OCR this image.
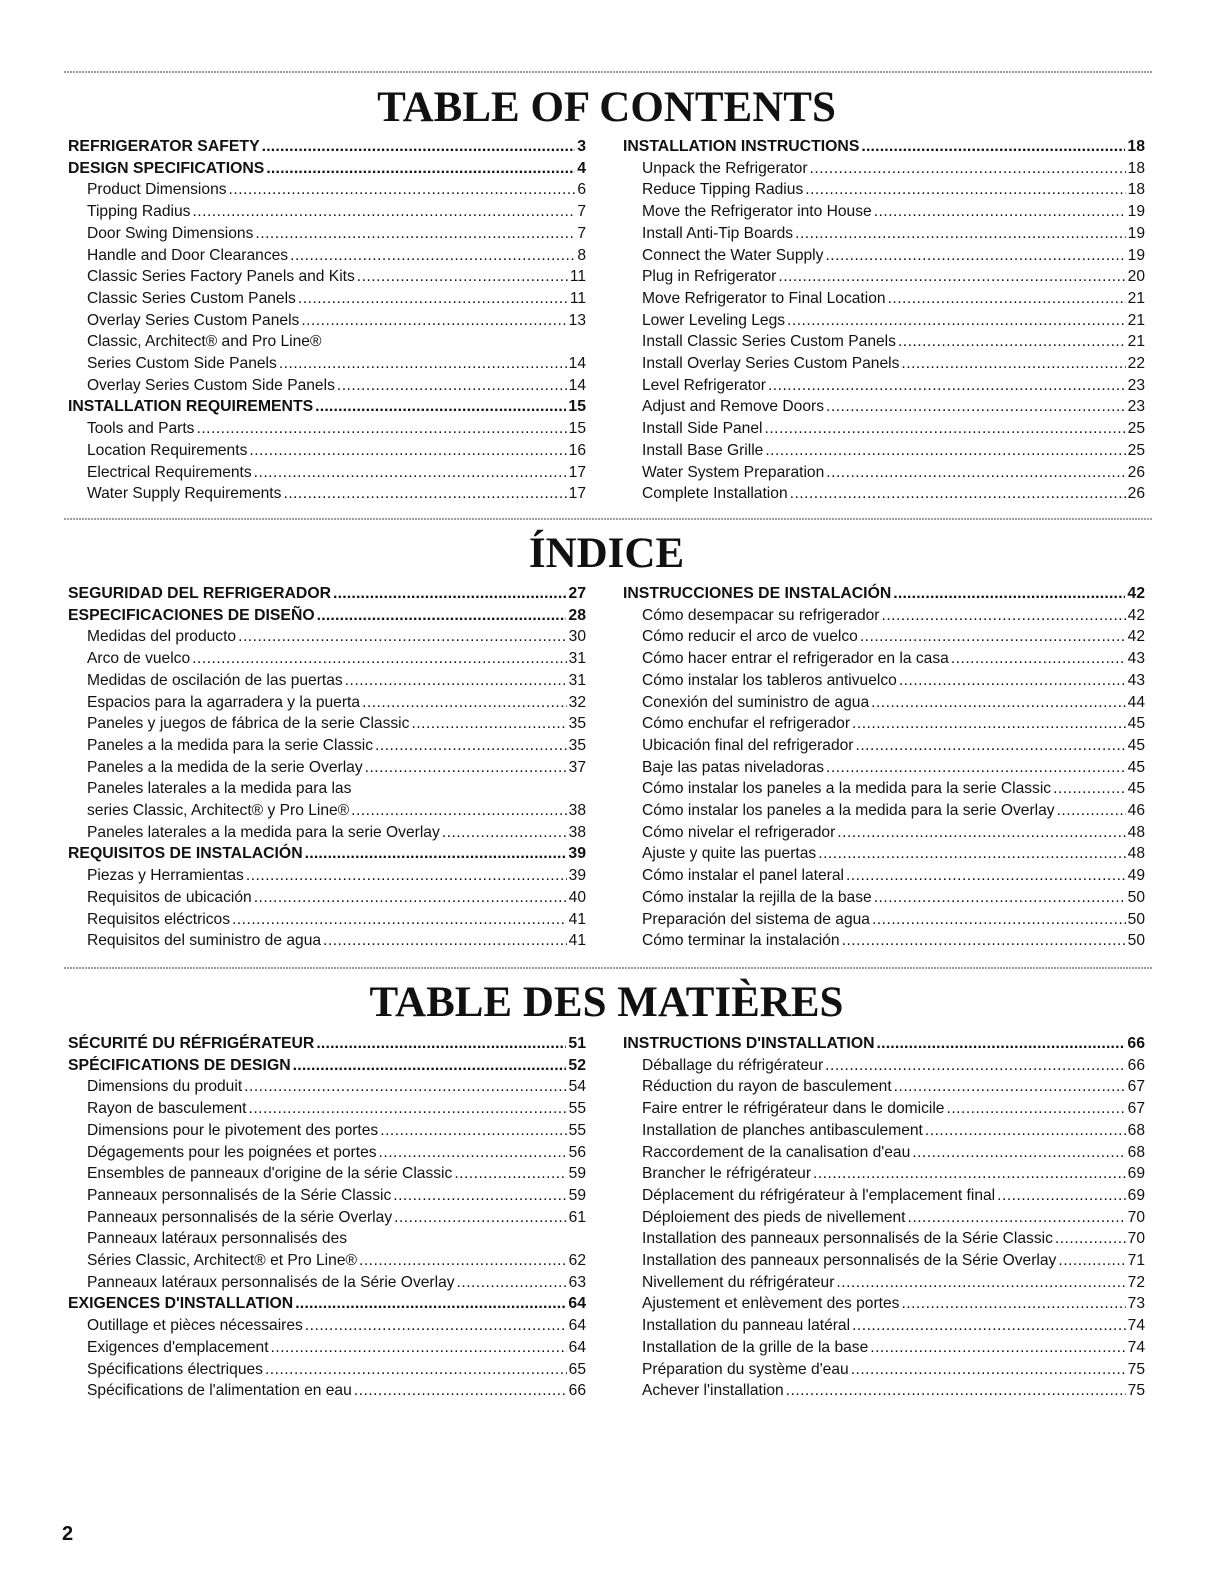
TABLE OF CONTENTS
REFRIGERATOR SAFETY .....	3
DESIGN SPECIFICATIONS .....	4
Product Dimensions .....	6
Tipping Radius .....	7
Door Swing Dimensions .....	7
Handle and Door Clearances .....	8
Classic Series Factory Panels and Kits .....	11
Classic Series Custom Panels .....	11
Overlay Series Custom Panels .....	13
Classic, Architect® and Pro Line®
Series Custom Side Panels .....	14
Overlay Series Custom Side Panels .....	14
INSTALLATION REQUIREMENTS .....	15
Tools and Parts .....	15
Location Requirements .....	16
Electrical Requirements .....	17
Water Supply Requirements .....	17
INSTALLATION INSTRUCTIONS .....	18
Unpack the Refrigerator .....	18
Reduce Tipping Radius .....	18
Move the Refrigerator into House .....	19
Install Anti-Tip Boards .....	19
Connect the Water Supply .....	19
Plug in Refrigerator .....	20
Move Refrigerator to Final Location .....	21
Lower Leveling Legs .....	21
Install Classic Series Custom Panels .....	21
Install Overlay Series Custom Panels .....	22
Level Refrigerator .....	23
Adjust and Remove Doors .....	23
Install Side Panel .....	25
Install Base Grille .....	25
Water System Preparation .....	26
Complete Installation .....	26
ÍNDICE
SEGURIDAD DEL REFRIGERADOR .....	27
ESPECIFICACIONES DE DISEÑO .....	28
Medidas del producto .....	30
Arco de vuelco .....	31
Medidas de oscilación de las puertas .....	31
Espacios para la agarradera y la puerta .....	32
Paneles y juegos de fábrica de la serie Classic .....	35
Paneles a la medida para la serie Classic .....	35
Paneles a la medida de la serie Overlay .....	37
Paneles laterales a la medida para las
series Classic, Architect® y Pro Line® .....	38
Paneles laterales a la medida para la serie Overlay .....	38
REQUISITOS DE INSTALACIÓN .....	39
Piezas y Herramientas .....	39
Requisitos de ubicación .....	40
Requisitos eléctricos .....	41
Requisitos del suministro de agua .....	41
INSTRUCCIONES DE INSTALACIÓN .....	42
Cómo desempacar su refrigerador .....	42
Cómo reducir el arco de vuelco .....	42
Cómo hacer entrar el refrigerador en la casa .....	43
Cómo instalar los tableros antivuelco .....	43
Conexión del suministro de agua .....	44
Cómo enchufar el refrigerador .....	45
Ubicación final del refrigerador .....	45
Baje las patas niveladoras .....	45
Cómo instalar los paneles a la medida para la serie Classic .....	45
Cómo instalar los paneles a la medida para la serie Overlay .....	46
Cómo nivelar el refrigerador .....	48
Ajuste y quite las puertas .....	48
Cómo instalar el panel lateral .....	49
Cómo instalar la rejilla de la base .....	50
Preparación del sistema de agua .....	50
Cómo terminar la instalación .....	50
TABLE DES MATIÈRES
SÉCURITÉ DU RÉFRIGÉRATEUR .....	51
SPÉCIFICATIONS DE DESIGN .....	52
Dimensions du produit .....	54
Rayon de basculement .....	55
Dimensions pour le pivotement des portes .....	55
Dégagements pour les poignées et portes .....	56
Ensembles de panneaux d'origine de la série Classic .....	59
Panneaux personnalisés de la Série Classic .....	59
Panneaux personnalisés de la série Overlay .....	61
Panneaux latéraux personnalisés des
Séries Classic, Architect® et Pro Line® .....	62
Panneaux latéraux personnalisés de la Série Overlay .....	63
EXIGENCES D'INSTALLATION .....	64
Outillage et pièces nécessaires .....	64
Exigences d'emplacement .....	64
Spécifications électriques .....	65
Spécifications de l'alimentation en eau .....	66
INSTRUCTIONS D'INSTALLATION .....	66
Déballage du réfrigérateur .....	66
Réduction du rayon de basculement .....	67
Faire entrer le réfrigérateur dans le domicile .....	67
Installation de planches antibasculement .....	68
Raccordement de la canalisation d'eau .....	68
Brancher le réfrigérateur .....	69
Déplacement du réfrigérateur à l'emplacement final .....	69
Déploiement des pieds de nivellement .....	70
Installation des panneaux personnalisés de la Série Classic .....	70
Installation des panneaux personnalisés de la Série Overlay .....	71
Nivellement du réfrigérateur .....	72
Ajustement et enlèvement des portes .....	73
Installation du panneau latéral .....	74
Installation de la grille de la base .....	74
Préparation du système d'eau .....	75
Achever l'installation .....	75
2
